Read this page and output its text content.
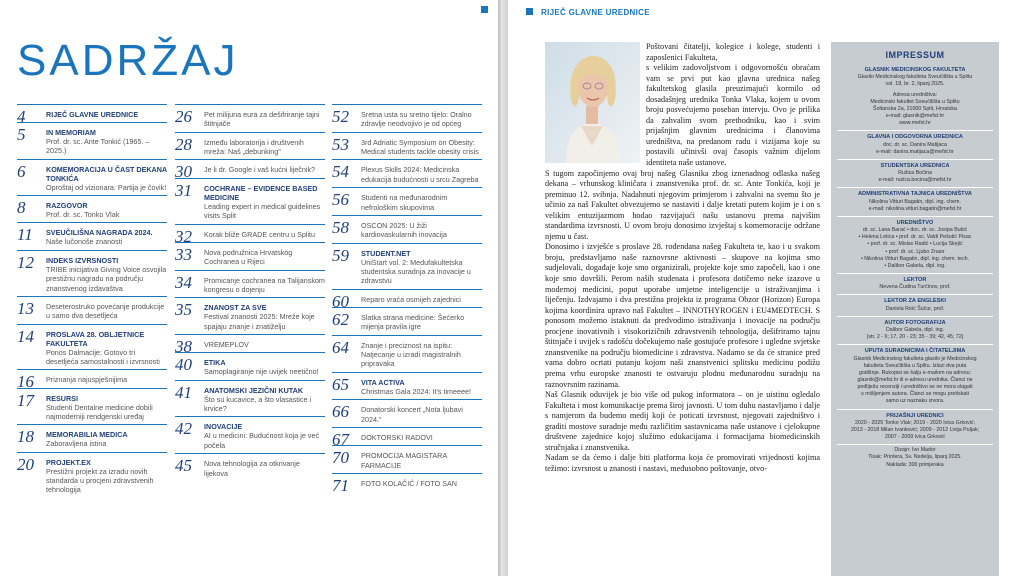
SADRŽAJ
4	RIJEČ GLAVNE UREDNICE
5	IN MEMORIAM
Prof. dr. sc. Ante Tonkić (1965. – 2025.)
6	KOMEMORACIJA U ČAST DEKANA TONKIĆA
Oproštaj od vizionara: Partija je čovik!
8	RAZGOVOR
Prof. dr. sc. Tonko Vlak
11	SVEUČILIŠNA NAGRADA 2024.
Naše lučonoše znanosti
12	INDEKS IZVRSNOSTI
TRIBE inicijativa Giving Voice osvojila prestižnu nagradu na području znanstvenog izdavaštva
13	Deseterostruko povećanje produkcije u samo dva desetljeća
14	PROSLAVA 28. OBLJETNICE FAKULTETA
Ponos Dalmacije: Gotovo tri desetljeća samostalnosti i izvrsnosti
16	Priznanja najuspješnijima
17	RESURSI
Studenti Dentalne medicine dobili najmoderniji rendgenski uređaj
18	MEMORABILIA MEDICA
Zaboravljena istina
20	PROJEKT.EX
Prestižni projekt za izradu novih standarda u procjeni zdravstvenih tehnologija
26	Pet milijuna eura za dešifriranje tajni štitnjače
28	Između laboratorija i društvenih mreža: Naš „debunking"
30	Je li dr. Google i vaš kućni liječnik?
31	COCHRANE – EVIDENCE BASED MEDICINE
Leading expert in medical guidelines visits Split
32	Korak bliže GRADE centru u Splitu
33	Nova podružnica Hrvatskog Cochranea u Rijeci
34	Promicanje cochranea na Talijanskom kongresu o dojenju
35	ZNANOST ZA SVE
Festival znanosti 2025: Mreže koje spajaju znanje i znatiželju
38	VREMEPLOV
40	ETIKA
Samoplagiranje nije uvijek neetično!
41	ANATOMSKI JEZIČNI KUTAK
Što su kucavice, a što vlasastice i krvice?
42	INOVACIJE
AI u medicini: Budućnost koja je već počela
45	Nova tehnologija za otkrivanje lijekova
52	Sretna usta su sretno tijelo: Oralno zdravlje neodvojivo je od općeg
53	3rd Adriatic Symposium on Obesity: Medical students tackle obesity crisis
54	Plexus Skills 2024: Medicinska edukacija budućnosti u srcu Zagreba
56	Studenti na međunarodnim nefrološkim skupovima
58	OSCON 2025: U žiži kardiovaskularnih inovacija
59	STUDENT.NET
UniStart vol. 2: Medufakultetska studentska suradnja za inovacije u zdravstvu
60	Reparo vraća osmijeh zajednici
62	Slatka strana medicine: Šećerko mijenja pravila igre
64	Znanje i preciznost na ispitu: Natjecanje u izradi magistralnih pripravaka
65	VITA ACTIVA
Christmas Gala 2024: It's timeeee!
66	Donatorski koncert „Nota ljubavi 2024."
67	DOKTORSKI RADOVI
70	PROMOCIJA MAGISTARA FARMACIJE
71	FOTO KOLAČIĆ / FOTO SAN
RIJEČ GLAVNE UREDNICE

Poštovani čitatelji, kolegice i kolege, studenti i zaposlenici Fakulteta,

s velikim zadovoljstvom i odgovornošću obraćam vam se prvi put kao glavna urednica našeg fakultetskog glasila preuzimajući kormilo od dosadašnjeg urednika Tonka Vlaka, kojem u ovom broju posvećujemo poseban intervju. Ovo je prilika da zahvalim svom prethodniku, kao i svim prijašnjim glavnim urednicima i članovima uredništva, na predanom radu i vizijama koje su postavili učinivši ovaj časopis važnim dijelom identiteta naše ustanove.

S tugom započinjemo ovaj broj našeg Glasnika zbog iznenadnog odlaska našeg dekana – vrhunskog kliničara i znanstvenika prof. dr. sc. Ante Tonkića, koji je preminuo 12. svibnja. Nadahnuti njegovim primjerom i zahvalni na svemu što je učinio za naš Fakultet obvezujemo se nastaviti i dalje kretati putem kojim je i on s velikim entuzijazmom hodao razvijajući našu ustanovu prema najvišim standardima izvrsnosti. U ovom broju donosimo izvještaj s komemoracije održane njemu u čast.

Donosimo i izvješće s proslave 28. rođendana našeg Fakulteta te, kao i u svakom broju, predstavljamo naše raznovrsne aktivnosti – skupove na kojima smo sudjelovali, događaje koje smo organizirali, projekte koje smo započeli, kao i one koje smo dovršili. Perom naših studenata i profesora dotičemo neke izazove u modernoj medicini, poput uporabe umjetne inteligencije u istraživanjima i liječenju. Izdvajamo i dva prestižna projekta iz programa Obzor (Horizon) Europa kojima koordinira upravo naš Fakultet – INNOTHYROGEN i EU4MEDTECH. S ponosom možemo istaknuti da predvodimo istraživanja i inovacije na području procjene inovativnih i visokorizičnih zdravstvenih tehnologija, dešifriramo tajnu štitnjače i uvijek s radošću dočekujemo naše gostujuće profesore i ugledne svjetske znanstvenike na području biomedicine i zdravstva. Nadamo se da će stranice pred vama dobro ocrtati putanju kojom naši znanstvenici splitsku medicinu podižu prema vrhu europske znanosti te ostvaruju plodnu međunarodnu suradnju na raznovrsnim razinama.

Naš Glasnik oduvijek je bio više od pukog informatora – on je uistinu ogledalo Fakulteta i most komunikacije prema široj javnosti. U tom duhu nastavljamo i dalje s namjerom da budemo medij koji će poticati izvrsnost, njegovati zajedništvo i graditi mostove suradnje među različitim sastavnicama naše ustanove i cjelokupne društvene zajednice kojoj služimo edukacijama i formacijama biomedicinskih stručnjaka i znanstvenika.

Nadam se da ćemo i dalje biti platforma koja će promovirati vrijednosti kojima težimo: izvrsnost u znanosti i nastavi, međusobno poštovanje, otvo-

IMPRESSUM
GLASNIK MEDICINSKOG FAKULTETA
Glasilo Medicinskog fakulteta Sveučilišta u Splitu
vol. 18, br. 2, lipanj 2025.
Adresa uredništva:
Medicinski fakultet Sveučilišta u Splitu
Šoltanska 2a, 21000 Split, Hrvatska
e-mail: glasnik@mefst.hr
www.mefst.hr
GLAVNA I ODGOVORNA UREDNICA
doc. dr. sc. Danira Matijaca
e-mail: danira.matijaca@mefst.hr
STUDENTSKA UREDNICA
Ružica Bočina
e-mail: ruzica.bocina@mefst.hr
ADMINISTRATIVNA TAJNICA UREDNIŠTVA
Nikolina Vitturi Bagatin, dipl. ing. chem.
e-mail: nikolina.vitturi.bagatin@mefst.hr
UREDNIŠTVO
dr. sc. Lana Barać • doc. dr. sc. Josipa Bukić
• Helena Leticа • prof. dr. sc. Valdi Pešutić Pisac
• prof. dr. sc. Mislav Radić • Lucija Skejić
• prof. dr. sc. Ljubo Znaor
• Nikolina Vitturi Bagatin, dipl. ing. chem. tech.
• Dalibor Gabela, dipl. ing.
LEKTOR
Nevena Čudina Turčinov, prof.
LEKTOR ZA ENGLESKI
Daniela Reić Šučur, prof.
AUTOR FOTOGRAFIJA
Dalibor Gabela, dipl. ing.
(str. 2 - 9; 17, 20 - 23; 35 - 39; 42, 45; 72)
UPUTA SURADNICIMA I ČITATELJIMA
Glasnik Medicinskog fakulteta glasilo je Medicinskog
fakulteta Sveučilišta u Splitu. Izlazi dva puta
godišnje. Rukopisi se šalju e-mailom na adresu:
glasnik@mefst.hr ili e-adresu urednika. Članci ne
podliježu recenziji i uredništvo se ne mora slagati
s mišljenjem autora. Članci se mogu pretiskati
samo uz naznaku izvora.
PRIJAŠNJI UREDNICI
2020 - 2025 Tonko Vlak; 2019 - 2020 Ivica Grković;
2013 - 2018 Milan Ivanković; 2009 - 2012 Livija Puljak;
2007 - 2009 Ivica Grković
Dizajn: Ivo Mador
Tisak: Printera, Sv. Nedelja, lipanj 2025.
Naklada: 300 primjeraka
